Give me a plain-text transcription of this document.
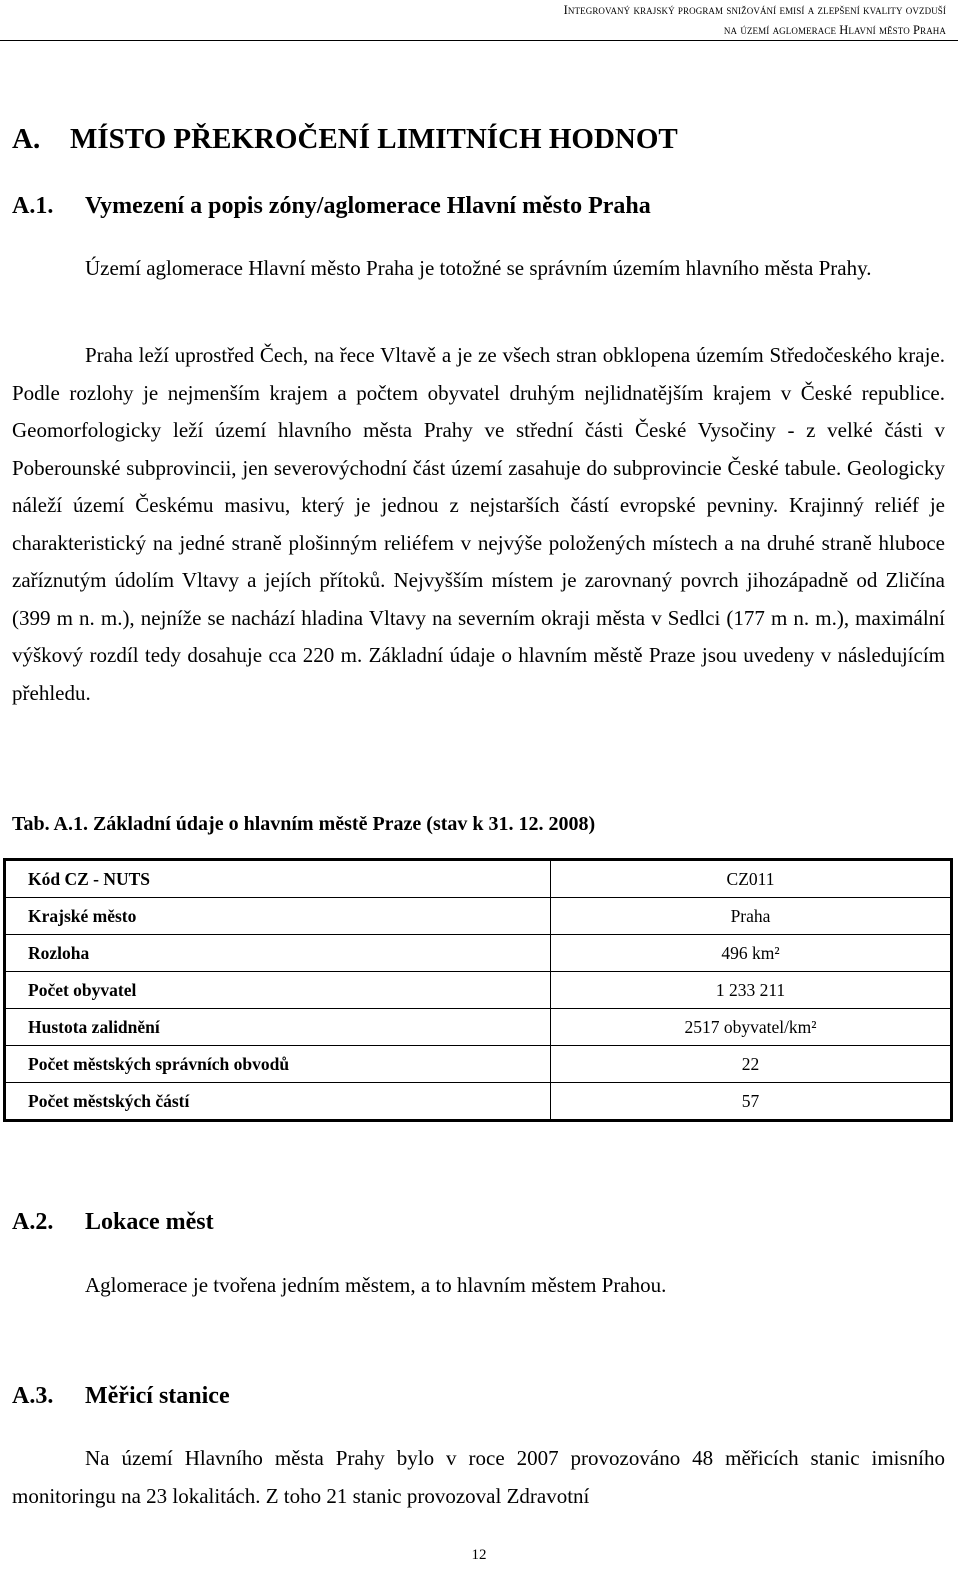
Integrovaný krajský program snižování emisí a zlepšení kvality ovzduší
na území aglomerace Hlavní město Praha
A. MÍSTO PŘEKROČENÍ LIMITNÍCH HODNOT
A.1. Vymezení a popis zóny/aglomerace Hlavní město Praha

Území aglomerace Hlavní město Praha je totožné se správním územím hlavního města Prahy.

Praha leží uprostřed Čech, na řece Vltavě a je ze všech stran obklopena územím Středočeského kraje. Podle rozlohy je nejmenším krajem a počtem obyvatel druhým nejlidnatějším krajem v České republice. Geomorfologicky leží území hlavního města Prahy ve střední části České Vysočiny - z velké části v Poberounské subprovincii, jen severovýchodní část území zasahuje do subprovincie České tabule. Geologicky náleží území Českému masivu, který je jednou z nejstarších částí evropské pevniny. Krajinný reliéf je charakteristický na jedné straně plošinným reliéfem v nejvýše položených místech a na druhé straně hluboce zaříznutým údolím Vltavy a jejích přítoků. Nejvyšším místem je zarovnaný povrch jihozápadně od Zličína (399 m n. m.), nejníže se nachází hladina Vltavy na severním okraji města v Sedlci (177 m n. m.), maximální výškový rozdíl tedy dosahuje cca 220 m. Základní údaje o hlavním městě Praze jsou uvedeny v následujícím přehledu.

Tab. A.1. Základní údaje o hlavním městě Praze (stav k 31. 12. 2008)
Kód CZ - NUTS	CZ011
Krajské město	Praha
Rozloha	496 km²
Počet obyvatel	1 233 211
Hustota zalidnění	2517 obyvatel/km²
Počet městských správních obvodů	22
Počet městských částí	57
A.2. Lokace měst

Aglomerace je tvořena jedním městem, a to hlavním městem Prahou.

A.3. Měřicí stanice

Na území Hlavního města Prahy bylo v roce 2007 provozováno 48 měřicích stanic imisního monitoringu na 23 lokalitách. Z toho 21 stanic provozoval Zdravotní

12
